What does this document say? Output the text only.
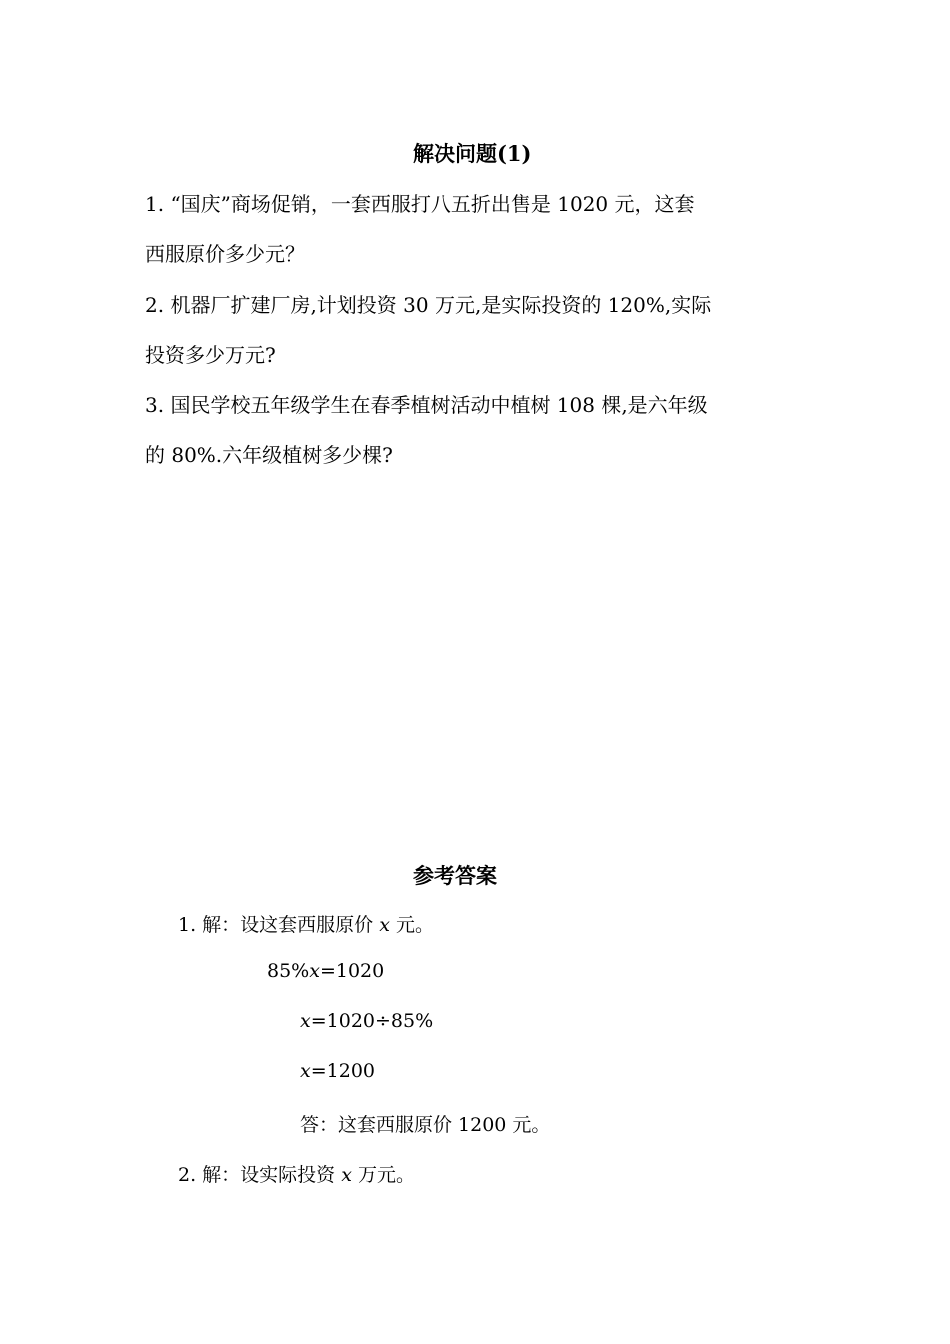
解决问题(1)
1. “国庆”商场促销，一套西服打八五折出售是 1020 元，这套
西服原价多少元？
2. 机器厂扩建厂房,计划投资 30 万元,是实际投资的 120%,实际
投资多少万元?
3. 国民学校五年级学生在春季植树活动中植树 108 棵,是六年级
的 80%.六年级植树多少棵?
参考答案
1. 解：设这套西服原价 x 元。
85%x=1020
x=1020÷85%
x=1200
答：这套西服原价 1200 元。
2. 解：设实际投资 x 万元。
